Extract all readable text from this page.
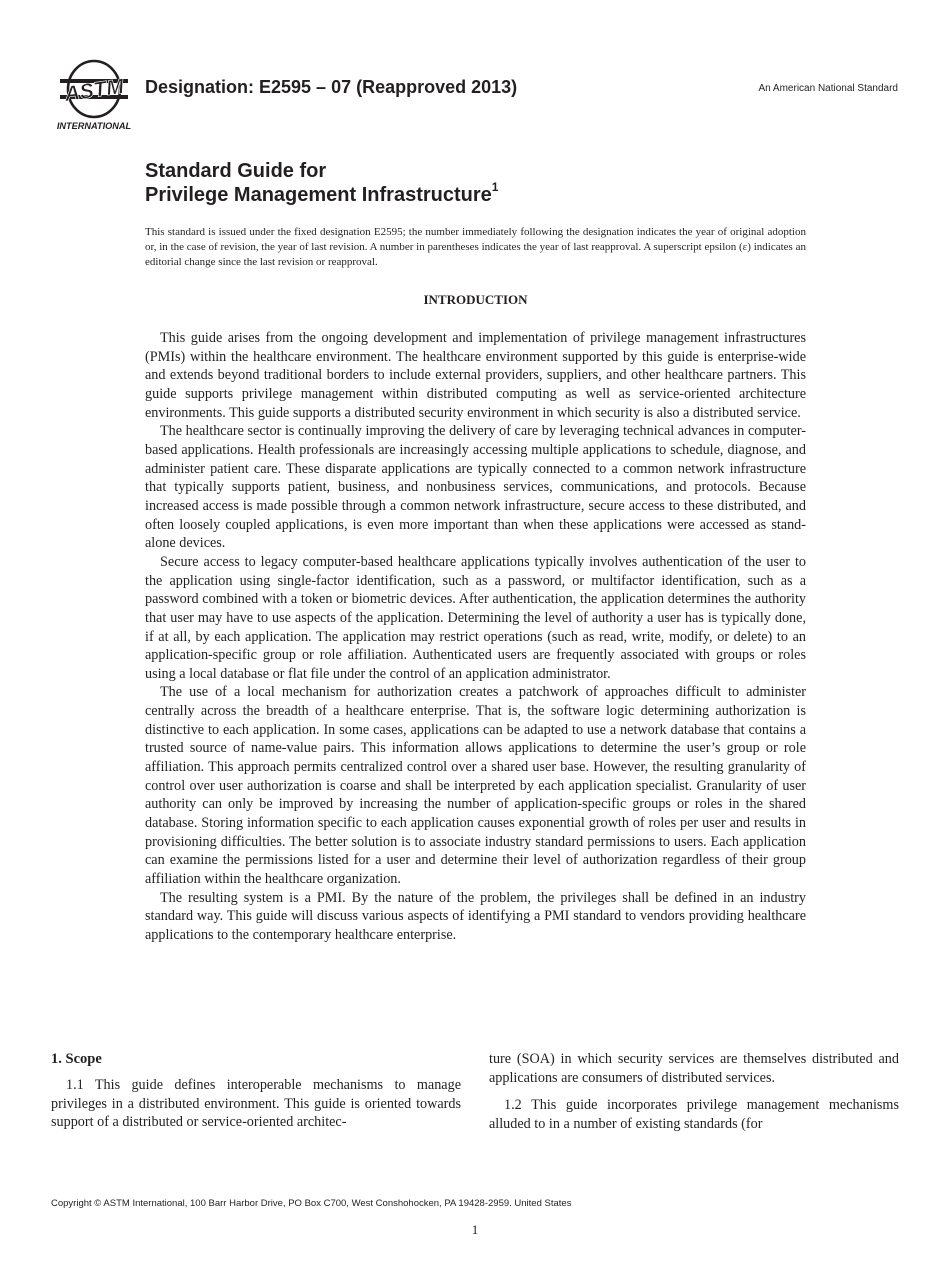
ASTM
INTERNATIONAL
Designation: E2595 – 07 (Reapproved 2013)	An American National Standard
Standard Guide for
Privilege Management Infrastructure$^1$
This standard is issued under the fixed designation E2595; the number immediately following the designation indicates the year of original adoption or, in the case of revision, the year of last revision. A number in parentheses indicates the year of last reapproval. A superscript epsilon (ε) indicates an editorial change since the last revision or reapproval.
INTRODUCTION

This guide arises from the ongoing development and implementation of privilege management infrastructures (PMIs) within the healthcare environment. The healthcare environment supported by this guide is enterprise-wide and extends beyond traditional borders to include external providers, suppliers, and other healthcare partners. This guide supports privilege management within distributed computing as well as service-oriented architecture environments. This guide supports a distributed security environment in which security is also a distributed service.

The healthcare sector is continually improving the delivery of care by leveraging technical advances in computer-based applications. Health professionals are increasingly accessing multiple applications to schedule, diagnose, and administer patient care. These disparate applications are typically connected to a common network infrastructure that typically supports patient, business, and nonbusiness services, communications, and protocols. Because increased access is made possible through a common network infrastructure, secure access to these distributed, and often loosely coupled applications, is even more important than when these applications were accessed as stand-alone devices.

Secure access to legacy computer-based healthcare applications typically involves authentication of the user to the application using single-factor identification, such as a password, or multifactor identification, such as a password combined with a token or biometric devices. After authentication, the application determines the authority that user may have to use aspects of the application. Determining the level of authority a user has is typically done, if at all, by each application. The application may restrict operations (such as read, write, modify, or delete) to an application-specific group or role affiliation. Authenticated users are frequently associated with groups or roles using a local database or flat file under the control of an application administrator.

The use of a local mechanism for authorization creates a patchwork of approaches difficult to administer centrally across the breadth of a healthcare enterprise. That is, the software logic determining authorization is distinctive to each application. In some cases, applications can be adapted to use a network database that contains a trusted source of name-value pairs. This information allows applications to determine the user’s group or role affiliation. This approach permits centralized control over a shared user base. However, the resulting granularity of control over user authorization is coarse and shall be interpreted by each application specialist. Granularity of user authority can only be improved by increasing the number of application-specific groups or roles in the shared database. Storing information specific to each application causes exponential growth of roles per user and results in provisioning difficulties. The better solution is to associate industry standard permissions to users. Each application can examine the permissions listed for a user and determine their level of authorization regardless of their group affiliation within the healthcare organization.

The resulting system is a PMI. By the nature of the problem, the privileges shall be defined in an industry standard way. This guide will discuss various aspects of identifying a PMI standard to vendors providing healthcare applications to the contemporary healthcare enterprise.

1. Scope

1.1 This guide defines interoperable mechanisms to manage privileges in a distributed environment. This guide is oriented towards support of a distributed or service-oriented architec-

ture (SOA) in which security services are themselves distributed and applications are consumers of distributed services.

1.2 This guide incorporates privilege management mechanisms alluded to in a number of existing standards (for

Copyright © ASTM International, 100 Barr Harbor Drive, PO Box C700, West Conshohocken, PA 19428-2959. United States
1
